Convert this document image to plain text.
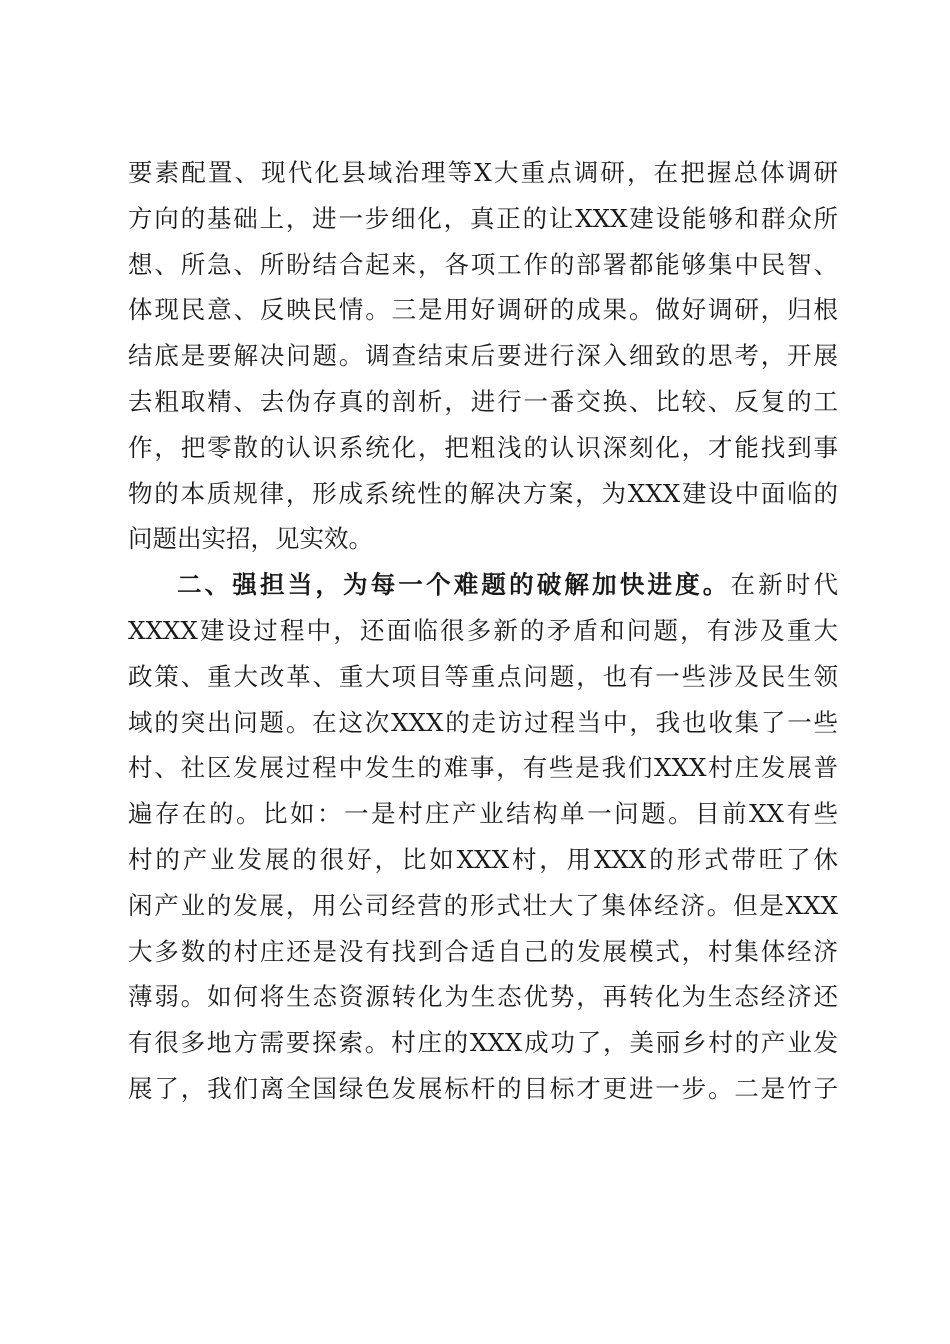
要素配置、现代化县域治理等X大重点调研，在把握总体调研
方向的基础上，进一步细化，真正的让XXX建设能够和群众所
想、所急、所盼结合起来，各项工作的部署都能够集中民智、
体现民意、反映民情。三是用好调研的成果。做好调研，归根
结底是要解决问题。调查结束后要进行深入细致的思考，开展
去粗取精、去伪存真的剖析，进行一番交换、比较、反复的工
作，把零散的认识系统化，把粗浅的认识深刻化，才能找到事
物的本质规律，形成系统性的解决方案，为XXX建设中面临的
问题出实招，见实效。
二、强担当，为每一个难题的破解加快进度。在新时代
XXXX建设过程中，还面临很多新的矛盾和问题，有涉及重大
政策、重大改革、重大项目等重点问题，也有一些涉及民生领
域的突出问题。在这次XXX的走访过程当中，我也收集了一些
村、社区发展过程中发生的难事，有些是我们XXX村庄发展普
遍存在的。比如：一是村庄产业结构单一问题。目前XX有些
村的产业发展的很好，比如XXX村，用XXX的形式带旺了休
闲产业的发展，用公司经营的形式壮大了集体经济。但是XXX
大多数的村庄还是没有找到合适自己的发展模式，村集体经济
薄弱。如何将生态资源转化为生态优势，再转化为生态经济还
有很多地方需要探索。村庄的XXX成功了，美丽乡村的产业发
展了，我们离全国绿色发展标杆的目标才更进一步。二是竹子
